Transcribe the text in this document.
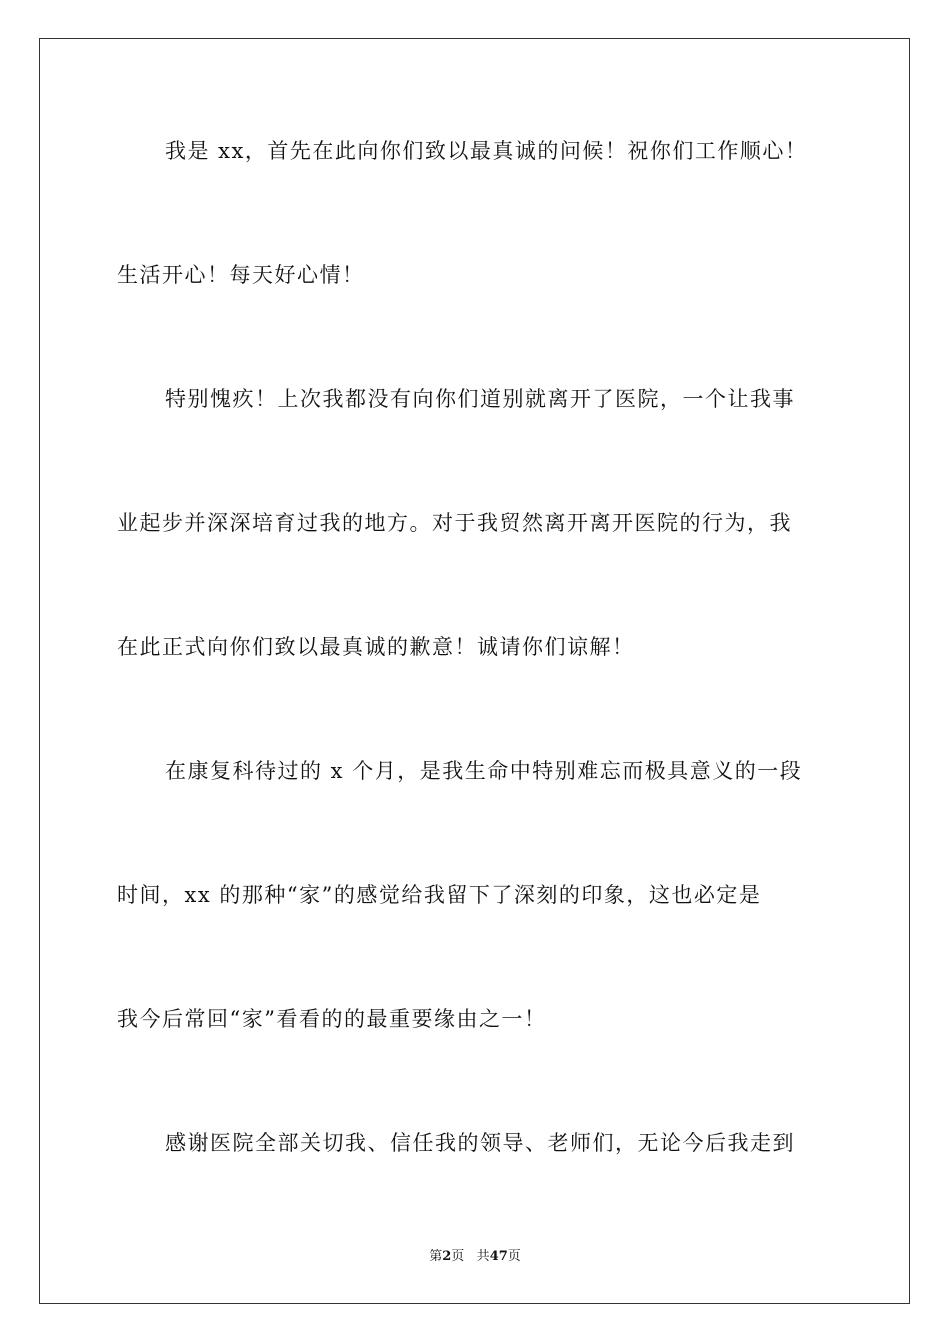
我是 xx，首先在此向你们致以最真诚的问候！祝你们工作顺心！
生活开心！每天好心情！
特别愧疚！上次我都没有向你们道别就离开了医院，一个让我事
业起步并深深培育过我的地方。对于我贸然离开离开医院的行为，我
在此正式向你们致以最真诚的歉意！诚请你们谅解！
在康复科待过的 x 个月，是我生命中特别难忘而极具意义的一段
时间，xx 的那种“家”的感觉给我留下了深刻的印象，这也必定是
我今后常回“家”看看的的最重要缘由之一！
感谢医院全部关切我、信任我的领导、老师们，无论今后我走到
第2页 共47页
